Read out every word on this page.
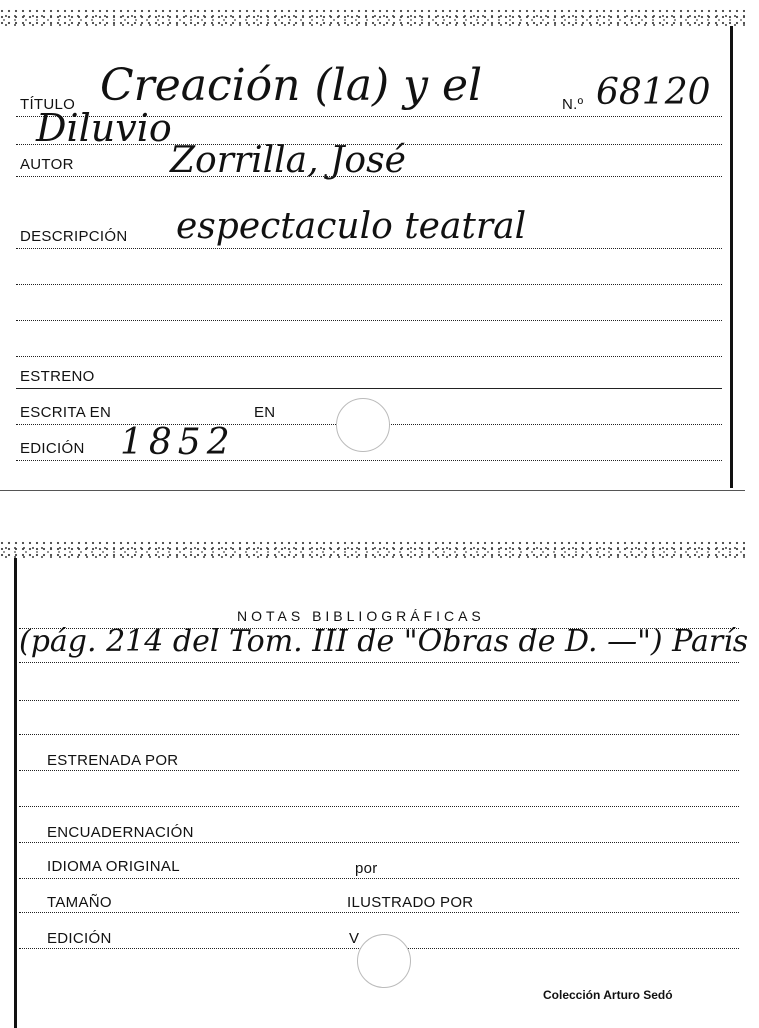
TÍTULO Creación (la) y el	N.º 68120
Diluvio
AUTOR	Zorrilla, José
DESCRIPCIÓN espectaculo teatral
ESTRENO
ESCRITA EN	EN
EDICIÓN 1852
NOTAS BIBLIOGRÁFICAS
(pág. 214 del Tom. III de "Obras de D. —") París
ESTRENADA POR
ENCUADERNACIÓN
IDIOMA ORIGINAL	por
TAMAÑO	ILUSTRADO POR
EDICIÓN	V
Colección Arturo Sedó
